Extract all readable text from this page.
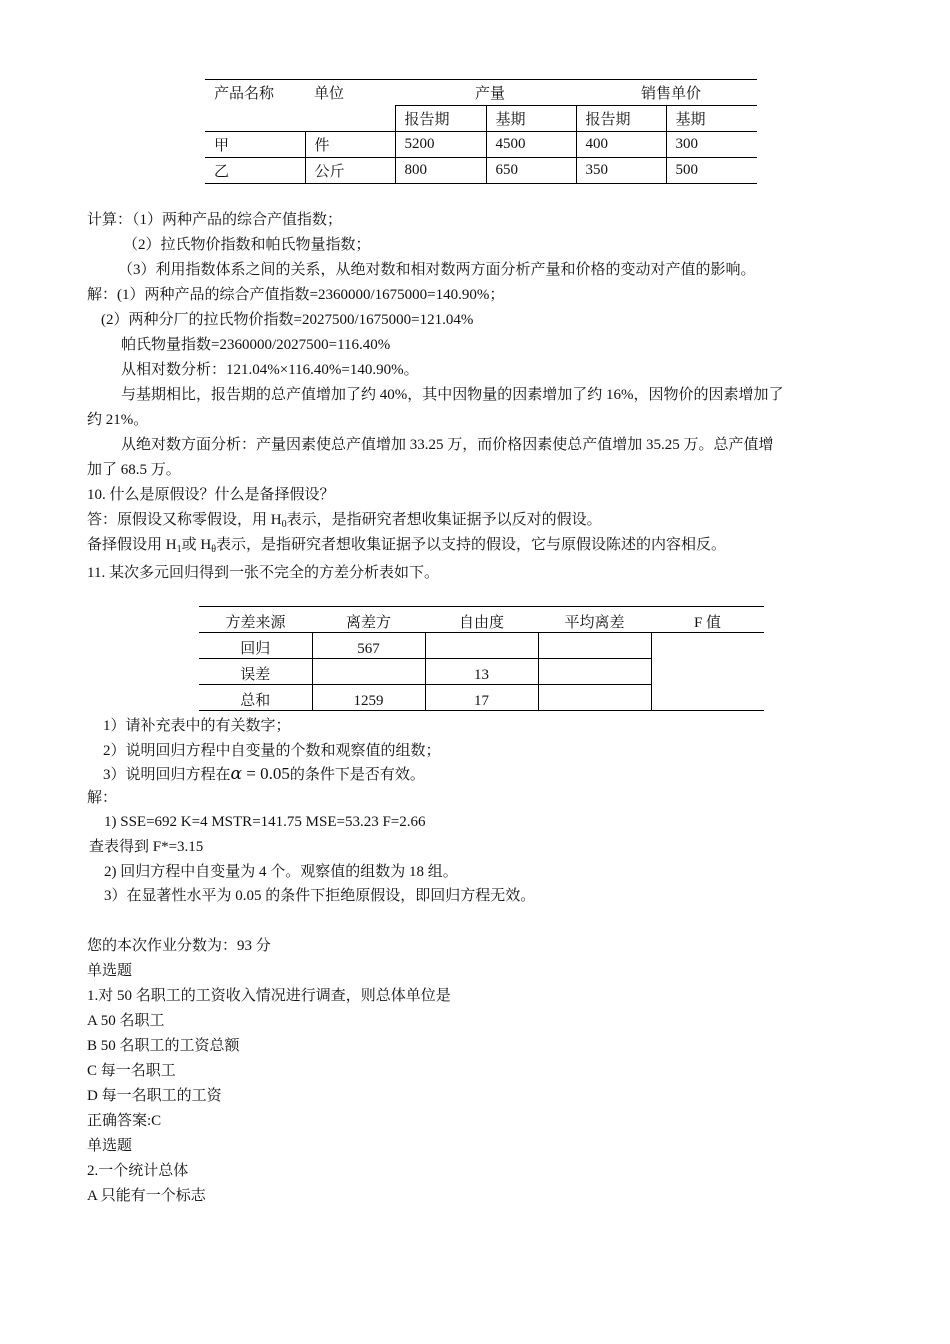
产品名称	单位	产量		销售单价	
		报告期	基期	报告期	基期
甲	件	5200	4500	400	300
乙	公斤	800	650	350	500
计算：（1）两种产品的综合产值指数；
（2）拉氏物价指数和帕氏物量指数；
（3）利用指数体系之间的关系，从绝对数和相对数两方面分析产量和价格的变动对产值的影响。
解：(1）两种产品的综合产值指数=2360000/1675000=140.90%；
(2）两种分厂的拉氏物价指数=2027500/1675000=121.04%
帕氏物量指数=2360000/2027500=116.40%
从相对数分析：121.04%×116.40%=140.90%。
与基期相比，报告期的总产值增加了约 40%，其中因物量的因素增加了约 16%，因物价的因素增加了
约 21%。
从绝对数方面分析：产量因素使总产值增加 33.25 万，而价格因素使总产值增加 35.25 万。总产值增
加了 68.5 万。
10. 什么是原假设？什么是备择假设？
答：原假设又称零假设，用 $H_0$表示，是指研究者想收集证据予以反对的假设。
备择假设用 $H_1$或 $H_\theta$表示，是指研究者想收集证据予以支持的假设，它与原假设陈述的内容相反。
11. 某次多元回归得到一张不完全的方差分析表如下。
方差来源	离差方	自由度	平均离差	F 值
回归	567			
误差		13		
总和	1259	17		
1）请补充表中的有关数字；
2）说明回归方程中自变量的个数和观察值的组数；
3）说明回归方程在α = 0.05的条件下是否有效。
解：
1) SSE=692 K=4 MSTR=141.75 MSE=53.23 F=2.66
查表得到 F*=3.15
2) 回归方程中自变量为 4 个。观察值的组数为 18 组。
3）在显著性水平为 0.05 的条件下拒绝原假设，即回归方程无效。
您的本次作业分数为：93 分
单选题
1.对 50 名职工的工资收入情况进行调查，则总体单位是
A 50 名职工
B 50 名职工的工资总额
C 每一名职工
D 每一名职工的工资
正确答案:C
单选题
2.一个统计总体
A 只能有一个标志
